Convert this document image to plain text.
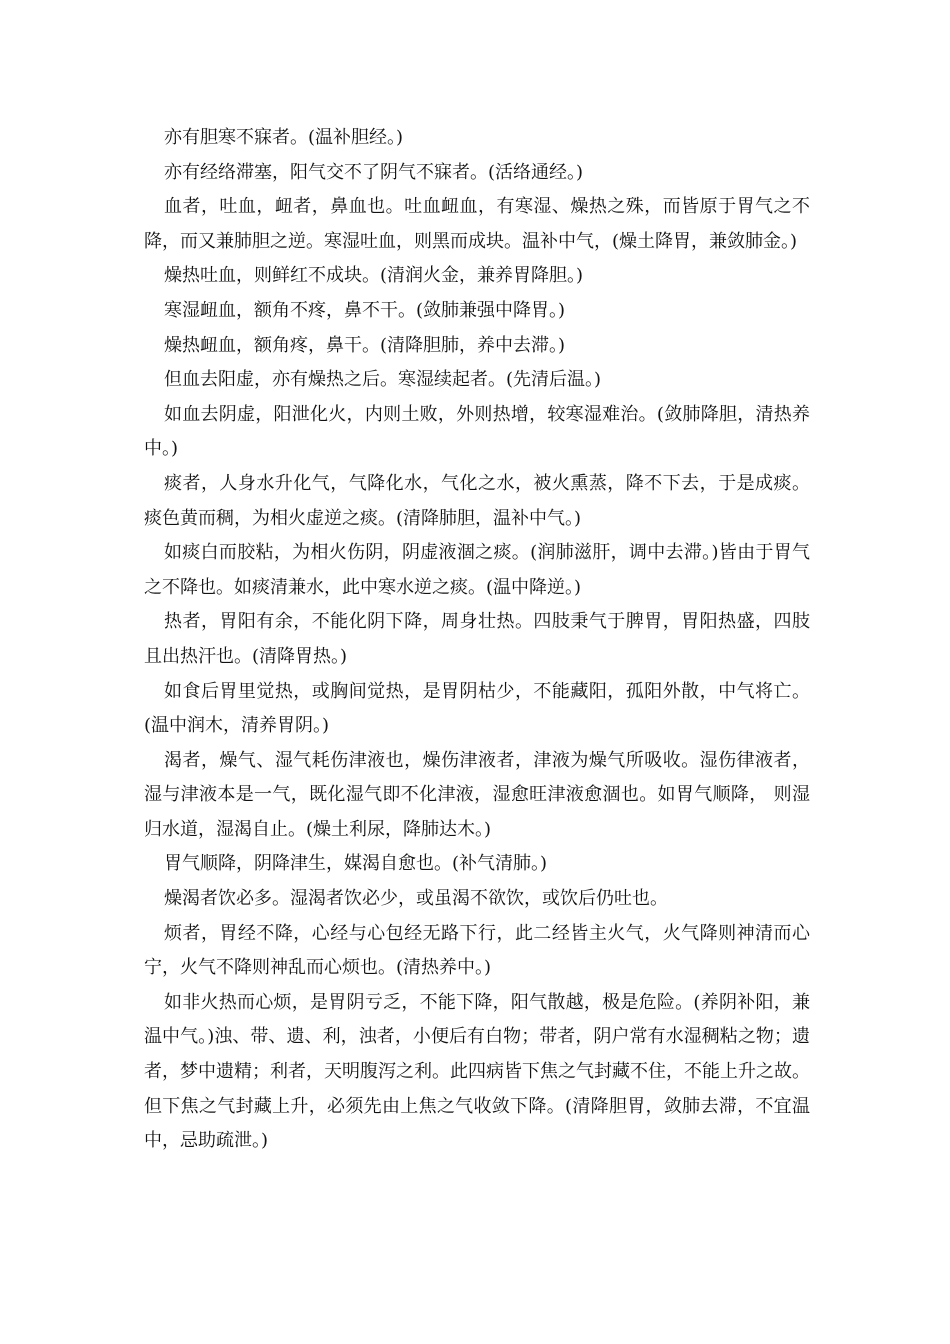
亦有胆寒不寐者。(温补胆经。)

亦有经络滞塞，阳气交不了阴气不寐者。(活络通经。)

血者，吐血，衄者，鼻血也。吐血衄血，有寒湿、燥热之殊，而皆原于胃气之不降，而又兼肺胆之逆。寒湿吐血，则黑而成块。温补中气，(燥土降胃，兼敛肺金。)

燥热吐血，则鲜红不成块。(清润火金，兼养胃降胆。)

寒湿衄血，额角不疼，鼻不干。(敛肺兼强中降胃。)

燥热衄血，额角疼，鼻干。(清降胆肺，养中去滞。)

但血去阳虚，亦有燥热之后。寒湿续起者。(先清后温。)

如血去阴虚，阳泄化火，内则土败，外则热增，较寒湿难治。(敛肺降胆，清热养中。)

痰者，人身水升化气，气降化水，气化之水，被火熏蒸，降不下去，于是成痰。痰色黄而稠，为相火虚逆之痰。(清降肺胆，温补中气。)

如痰白而胶粘，为相火伤阴，阴虚液涸之痰。(润肺滋肝，调中去滞。)皆由于胃气之不降也。如痰清兼水，此中寒水逆之痰。(温中降逆。)

热者，胃阳有余，不能化阴下降，周身壮热。四肢秉气于脾胃，胃阳热盛，四肢且出热汗也。(清降胃热。)

如食后胃里觉热，或胸间觉热，是胃阴枯少，不能藏阳，孤阳外散，中气将亡。(温中润木，清养胃阴。)

渴者，燥气、湿气耗伤津液也，燥伤津液者，津液为燥气所吸收。湿伤律液者，湿与津液本是一气，既化湿气即不化津液，湿愈旺津液愈涸也。如胃气顺降， 则湿归水道，湿渴自止。(燥土利尿，降肺达木。)

胃气顺降，阴降津生，媒渴自愈也。(补气清肺。)

燥渴者饮必多。湿渴者饮必少，或虽渴不欲饮，或饮后仍吐也。

烦者，胃经不降，心经与心包经无路下行，此二经皆主火气，火气降则神清而心宁，火气不降则神乱而心烦也。(清热养中。)

如非火热而心烦，是胃阴亏乏，不能下降，阳气散越，极是危险。(养阴补阳，兼温中气。)浊、带、遗、利，浊者，小便后有白物；带者，阴户常有水湿稠粘之物；遗者，梦中遗精；利者，天明腹泻之利。此四病皆下焦之气封藏不住，不能上升之故。但下焦之气封藏上升，必须先由上焦之气收敛下降。(清降胆胃，敛肺去滞，不宜温中，忌助疏泄。)
